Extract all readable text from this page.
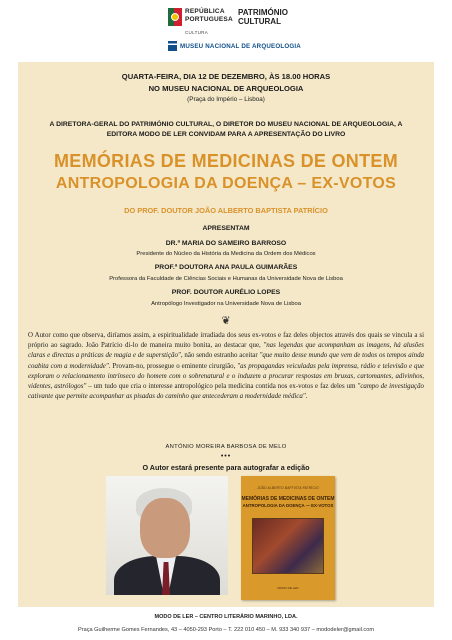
REPÚBLICA
PORTUGUESA
CULTURA
PATRIMÓNIO
CULTURAL
MUSEU NACIONAL DE ARQUEOLOGIA
QUARTA-FEIRA, DIA 12 DE DEZEMBRO, ÀS 18.00 HORAS
NO MUSEU NACIONAL DE ARQUEOLOGIA
(Praça do Império – Lisboa)
A DIRETORA-GERAL DO PATRIMÓNIO CULTURAL, O DIRETOR DO MUSEU NACIONAL DE ARQUEOLOGIA, A EDITORA MODO DE LER CONVIDAM PARA A APRESENTAÇÃO DO LIVRO
MEMÓRIAS DE MEDICINAS DE ONTEM
ANTROPOLOGIA DA DOENÇA – EX-VOTOS
DO PROF. DOUTOR JOÃO ALBERTO BAPTISTA PATRÍCIO
APRESENTAM
DR.ª MARIA DO SAMEIRO BARROSO
Presidente do Núcleo da História da Medicina da Ordem dos Médicos
PROF.ª DOUTORA ANA PAULA GUIMARÃES
Professora da Faculdade de Ciências Sociais e Humanas da Universidade Nova de Lisboa
PROF. DOUTOR AURÉLIO LOPES
Antropólogo Investigador na Universidade Nova de Lisboa
❦

O Autor como que observa, diríamos assim, a espiritualidade irradiada dos seus ex-votos e faz deles objectos através dos quais se vincula a si próprio ao sagrado. João Patrício di-lo de maneira muito bonita, ao destacar que, "nas legendas que acompanham as imagens, há alusões claras e directas a práticas de magia e de superstição", não sendo estranho aceitar "que muito desse mundo que vem de todos os tempos ainda coabita com a modernidade". Provam-no, prossegue o eminente cirurgião, "as propagandas veiculadas pela imprensa, rádio e televisão e que exploram o relacionamento intrínseco do homem com o sobrenatural e o induzem a procurar respostas em bruxas, cartomantes, adivinhos, videntes, astrólogos" – um tudo que cria o interesse antropológico pela medicina contida nos ex-votos e faz deles um "campo de investigação cativante que permite acompanhar as pisadas do caminho que antecederam a modernidade médica".

ANTÓNIO MOREIRA BARBOSA DE MELO
•••
O Autor estará presente para autografar a edição
JOÃO ALBERTO BAPTISTA PATRÍCIO
MEMÓRIAS DE MEDICINAS DE ONTEM
ANTROPOLOGIA DA DOENÇA — EX-VOTOS
MODO DE LER
MODO DE LER – CENTRO LITERÁRIO MARINHO, LDA.
Praça Guilherme Gomes Fernandes, 43 – 4050-293 Porto – T. 222 010 450 – M. 933 340 937 – mododeler@gmail.com
